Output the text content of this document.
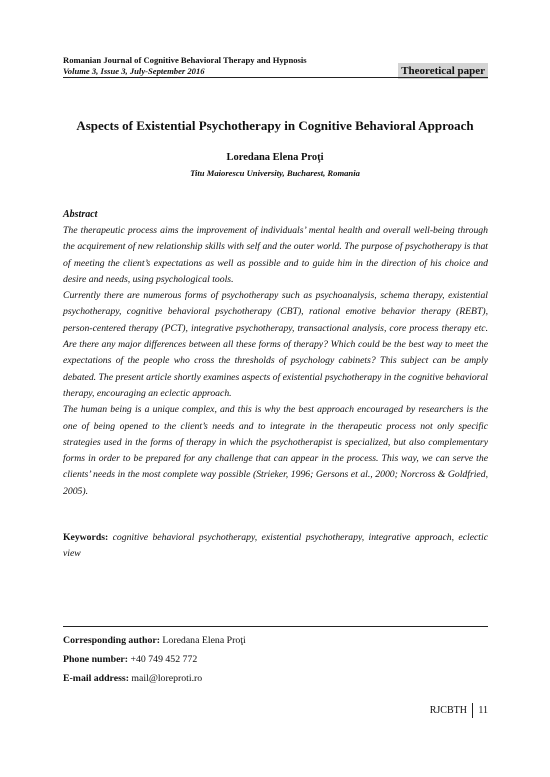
Romanian Journal of Cognitive Behavioral Therapy and Hypnosis
Volume 3, Issue 3, July-September 2016	Theoretical paper
Aspects of Existential Psychotherapy in Cognitive Behavioral Approach
Loredana Elena Proţi
Titu Maiorescu University, Bucharest, Romania
Abstract

The therapeutic process aims the improvement of individuals’ mental health and overall well-being through the acquirement of new relationship skills with self and the outer world. The purpose of psychotherapy is that of meeting the client’s expectations as well as possible and to guide him in the direction of his choice and desire and needs, using psychological tools.

Currently there are numerous forms of psychotherapy such as psychoanalysis, schema therapy, existential psychotherapy, cognitive behavioral psychotherapy (CBT), rational emotive behavior therapy (REBT), person-centered therapy (PCT), integrative psychotherapy, transactional analysis, core process therapy etc. Are there any major differences between all these forms of therapy? Which could be the best way to meet the expectations of the people who cross the thresholds of psychology cabinets? This subject can be amply debated. The present article shortly examines aspects of existential psychotherapy in the cognitive behavioral therapy, encouraging an eclectic approach.

The human being is a unique complex, and this is why the best approach encouraged by researchers is the one of being opened to the client’s needs and to integrate in the therapeutic process not only specific strategies used in the forms of therapy in which the psychotherapist is specialized, but also complementary forms in order to be prepared for any challenge that can appear in the process. This way, we can serve the clients’ needs in the most complete way possible (Strieker, 1996; Gersons et al., 2000; Norcross & Goldfried, 2005).

Keywords: cognitive behavioral psychotherapy, existential psychotherapy, integrative approach, eclectic view
Corresponding author: Loredana Elena Proţi
Phone number: +40 749 452 772
E-mail address: mail@loreproti.ro
RJCBTH 11
